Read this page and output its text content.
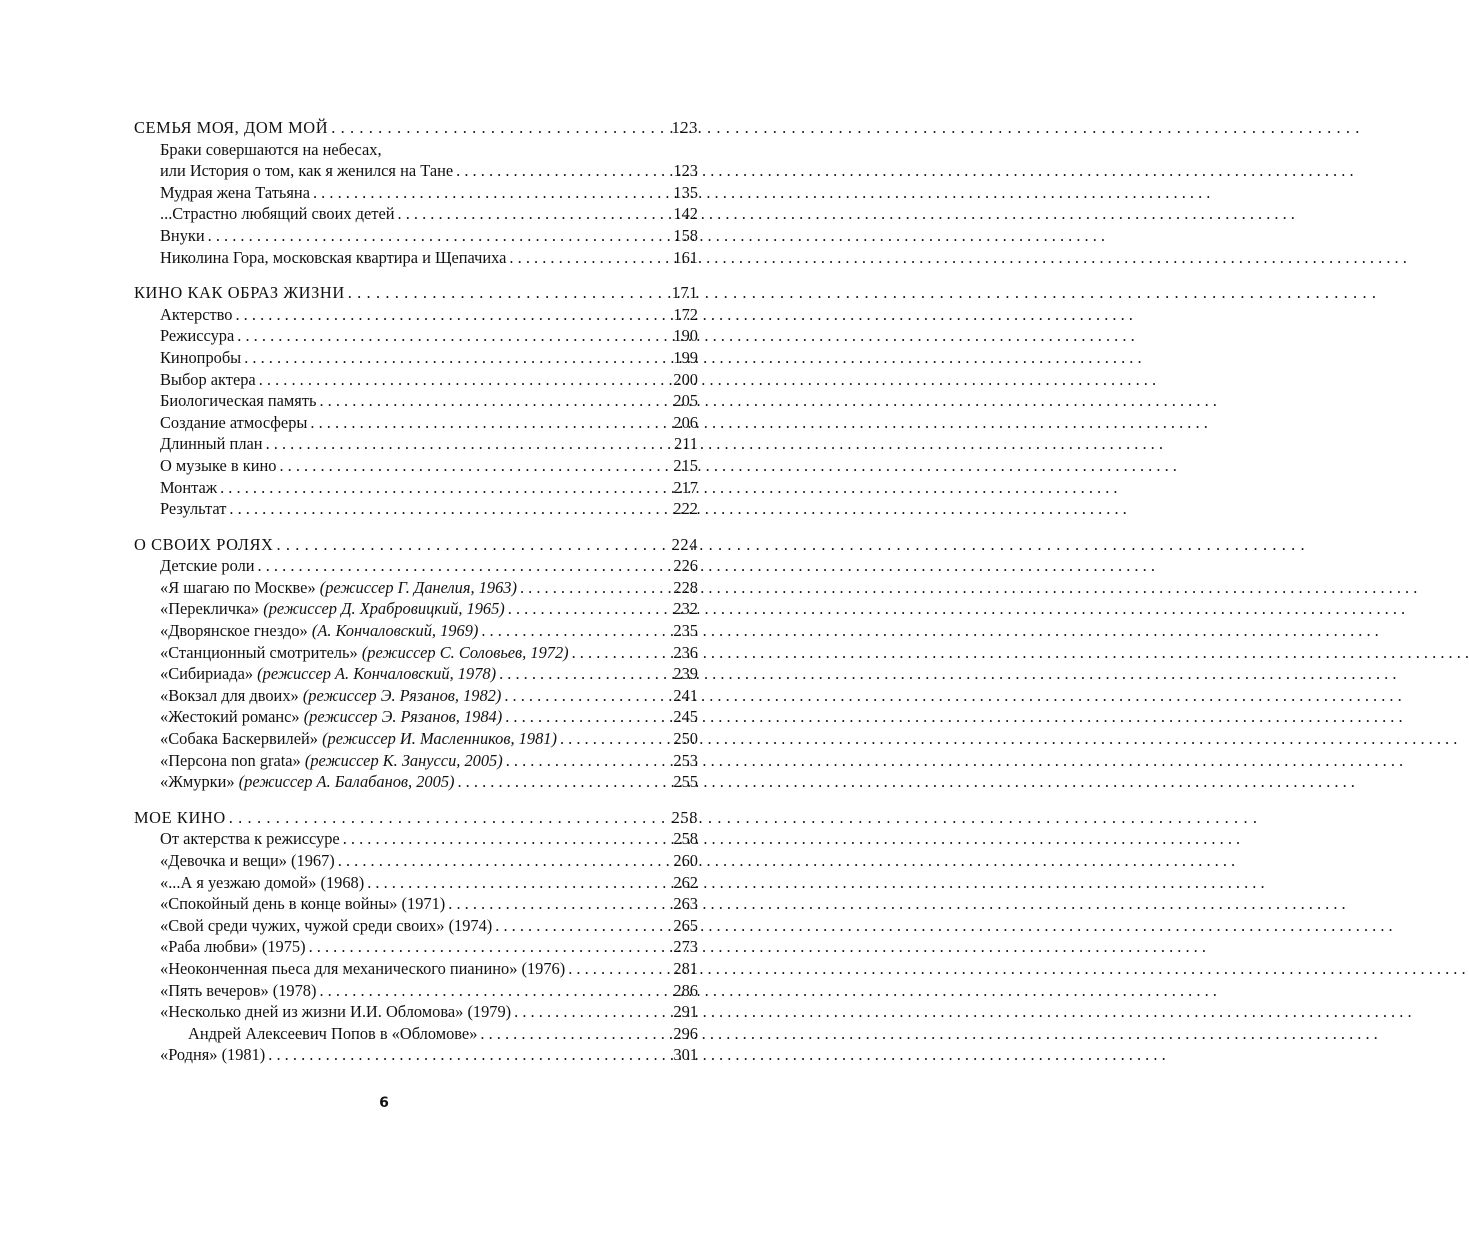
СЕМЬЯ МОЯ, ДОМ МОЙ . . .	123
Браки совершаются на небесах,
или История о том, как я женился на Тане . . .	123
Мудрая жена Татьяна . . .	135
...Страстно любящий своих детей . . .	142
Внуки . . .	158
Николина Гора, московская квартира и Щепачиха . . .	161
КИНО КАК ОБРАЗ ЖИЗНИ . . .	171
Актерство . . .	172
Режиссура . . .	190
Кинопробы . . .	199
Выбор актера . . .	200
Биологическая память . . .	205
Создание атмосферы . . .	206
Длинный план . . .	211
О музыке в кино . . .	215
Монтаж . . .	217
Результат . . .	222
О СВОИХ РОЛЯХ . . .	224
Детские роли . . .	226
«Я шагаю по Москве» (режиссер Г. Данелия, 1963) . . .	228
«Перекличка» (режиссер Д. Храбровицкий, 1965) . . .	232
«Дворянское гнездо» (А. Кончаловский, 1969) . . .	235
«Станционный смотритель» (режиссер С. Соловьев, 1972) . . .	236
«Сибириада» (режиссер А. Кончаловский, 1978) . . .	239
«Вокзал для двоих» (режиссер Э. Рязанов, 1982) . . .	241
«Жестокий романс» (режиссер Э. Рязанов, 1984) . . .	245
«Собака Баскервилей» (режиссер И. Масленников, 1981) . . .	250
«Персона non grata» (режиссер К. Занусси, 2005) . . .	253
«Жмурки» (режиссер А. Балабанов, 2005) . . .	255
МОЕ КИНО . . .	258
От актерства к режиссуре . . .	258
«Девочка и вещи» (1967) . . .	260
«...А я уезжаю домой» (1968) . . .	262
«Спокойный день в конце войны» (1971) . . .	263
«Свой среди чужих, чужой среди своих» (1974) . . .	265
«Раба любви» (1975) . . .	273
«Неоконченная пьеса для механического пианино» (1976) . . .	281
«Пять вечеров» (1978) . . .	286
«Несколько дней из жизни И.И. Обломова» (1979) . . .	291
Андрей Алексеевич Попов в «Обломове» . . .	296
«Родня» (1981) . . .	301
6
